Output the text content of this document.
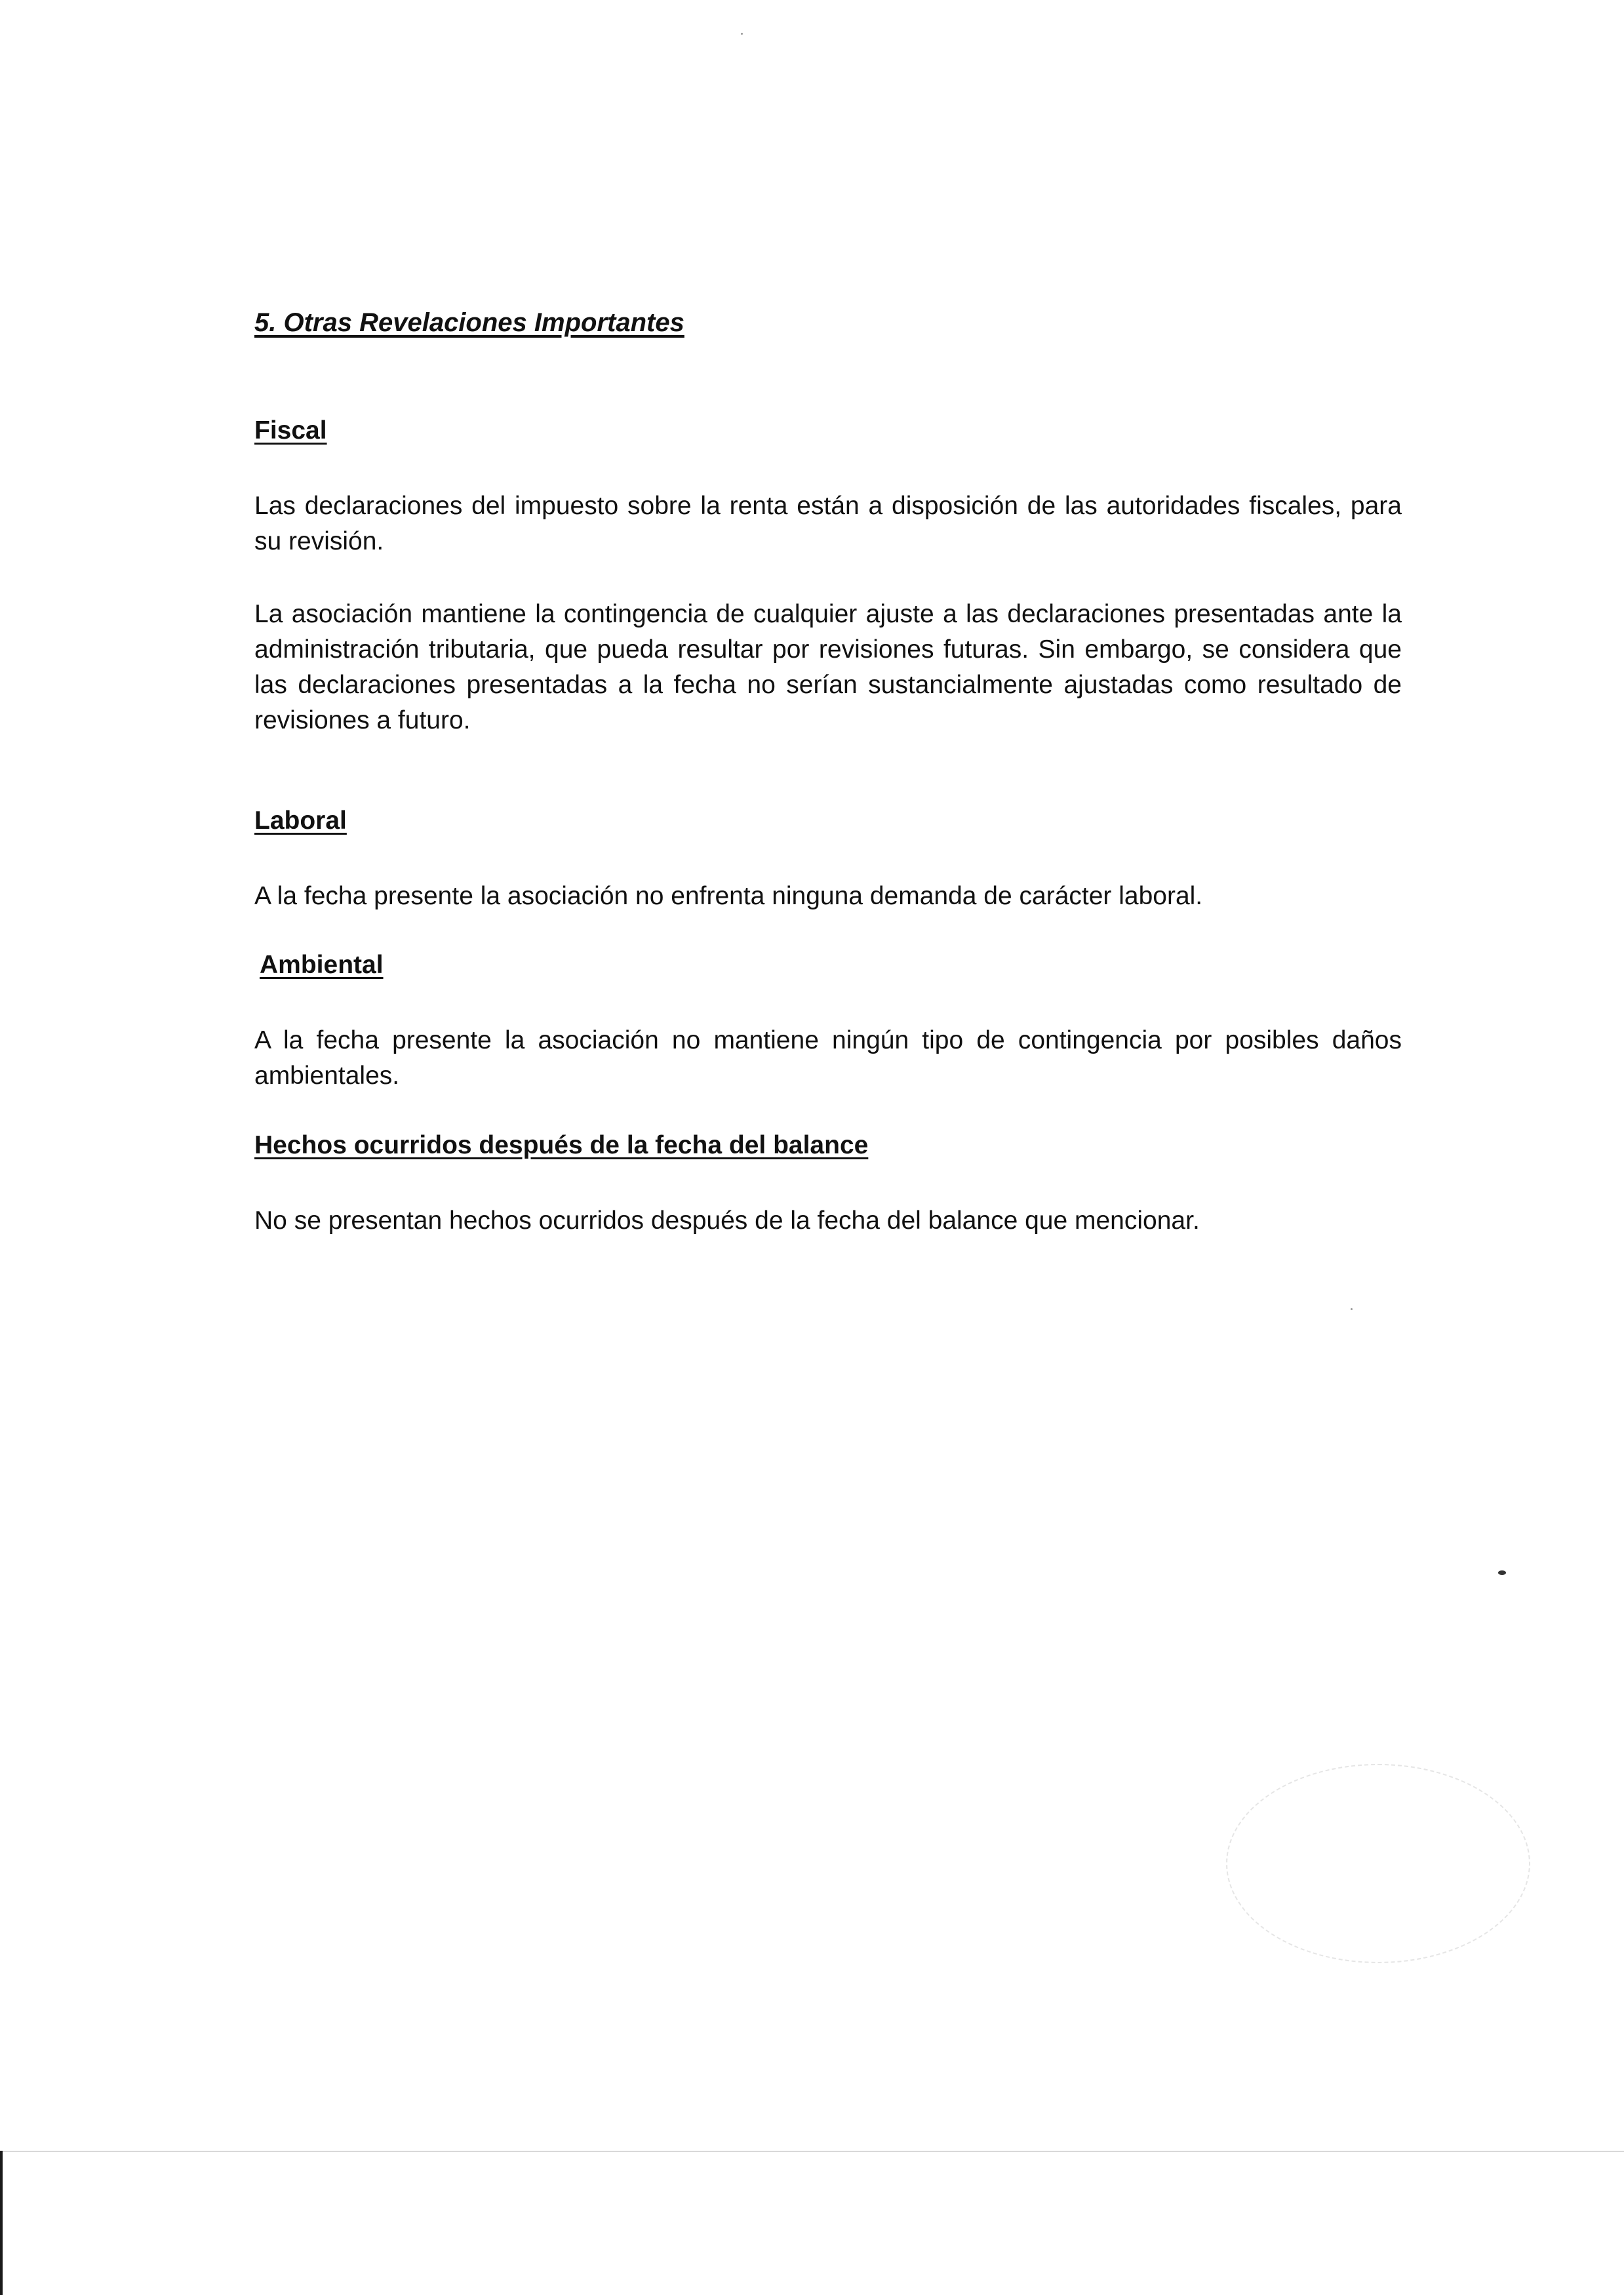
5. Otras Revelaciones Importantes
Fiscal

Las declaraciones del impuesto sobre la renta están a disposición de las autoridades fiscales, para su revisión.

La asociación mantiene la contingencia de cualquier ajuste a las declaraciones presentadas ante la administración tributaria, que pueda resultar por revisiones futuras. Sin embargo, se considera que las declaraciones presentadas a la fecha no serían sustancialmente ajustadas como resultado de revisiones a futuro.

Laboral

A la fecha presente la asociación no enfrenta ninguna demanda de carácter laboral.

Ambiental

A la fecha presente la asociación no mantiene ningún tipo de contingencia por posibles daños ambientales.

Hechos ocurridos después de la fecha del balance

No se presentan hechos ocurridos después de la fecha del balance que mencionar.
